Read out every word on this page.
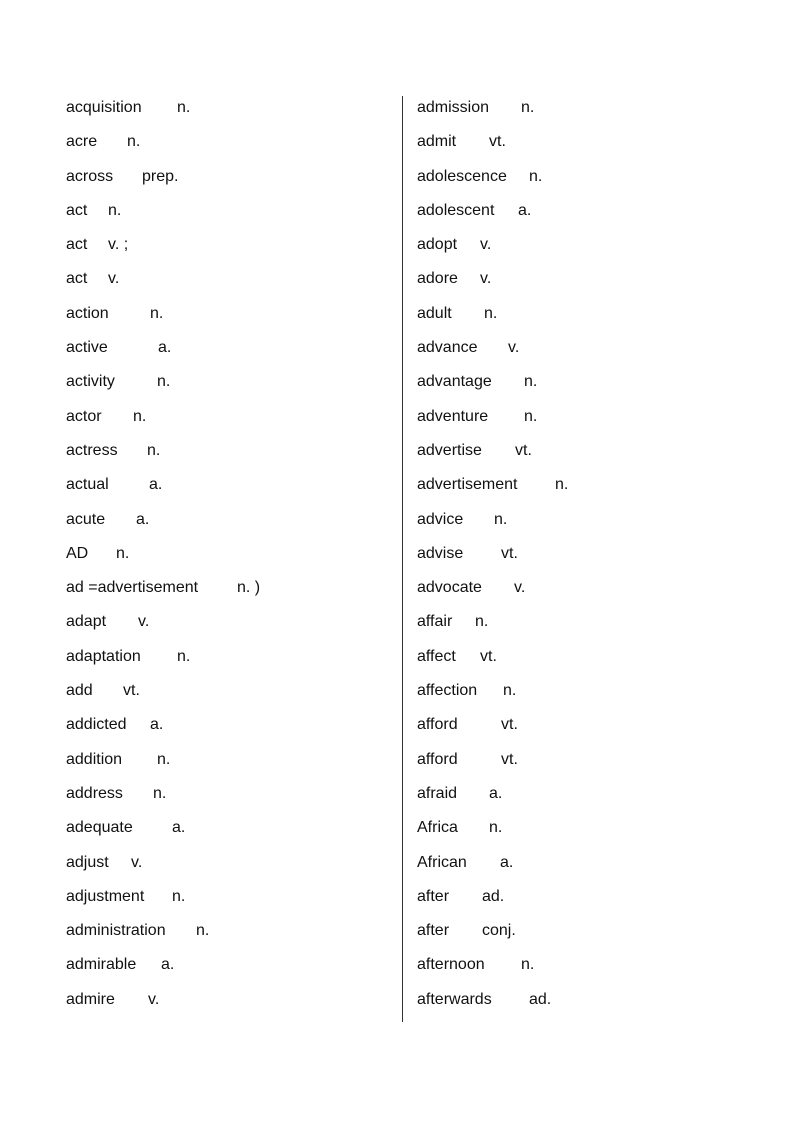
acquisition n.
acre n.
across prep.
act n.
act v. ;
act v.
action	n.
active	a.
activity	n.
actor n.
actress n.
actual	a.
acute a.
AD n.
ad =advertisement n. )
adapt v.
adaptation n.
add vt.
addicted a.
addition n.
address n.
adequate a.
adjust v.
adjustment n.
administration n.
admirable a.
admire v.
admission n.
admit vt.
adolescence n.
adolescent a.
adopt v.
adore v.
adult n.
advance v.
advantage n.
adventure n.
advertise vt.
advertisement n.
advice n.
advise vt.
advocate v.
affair n.
affect vt.
affection n.
afford	vt.
afford	vt.
afraid a.
Africa n.
African a.
after ad.
after conj.
afternoon n.
afterwards ad.
